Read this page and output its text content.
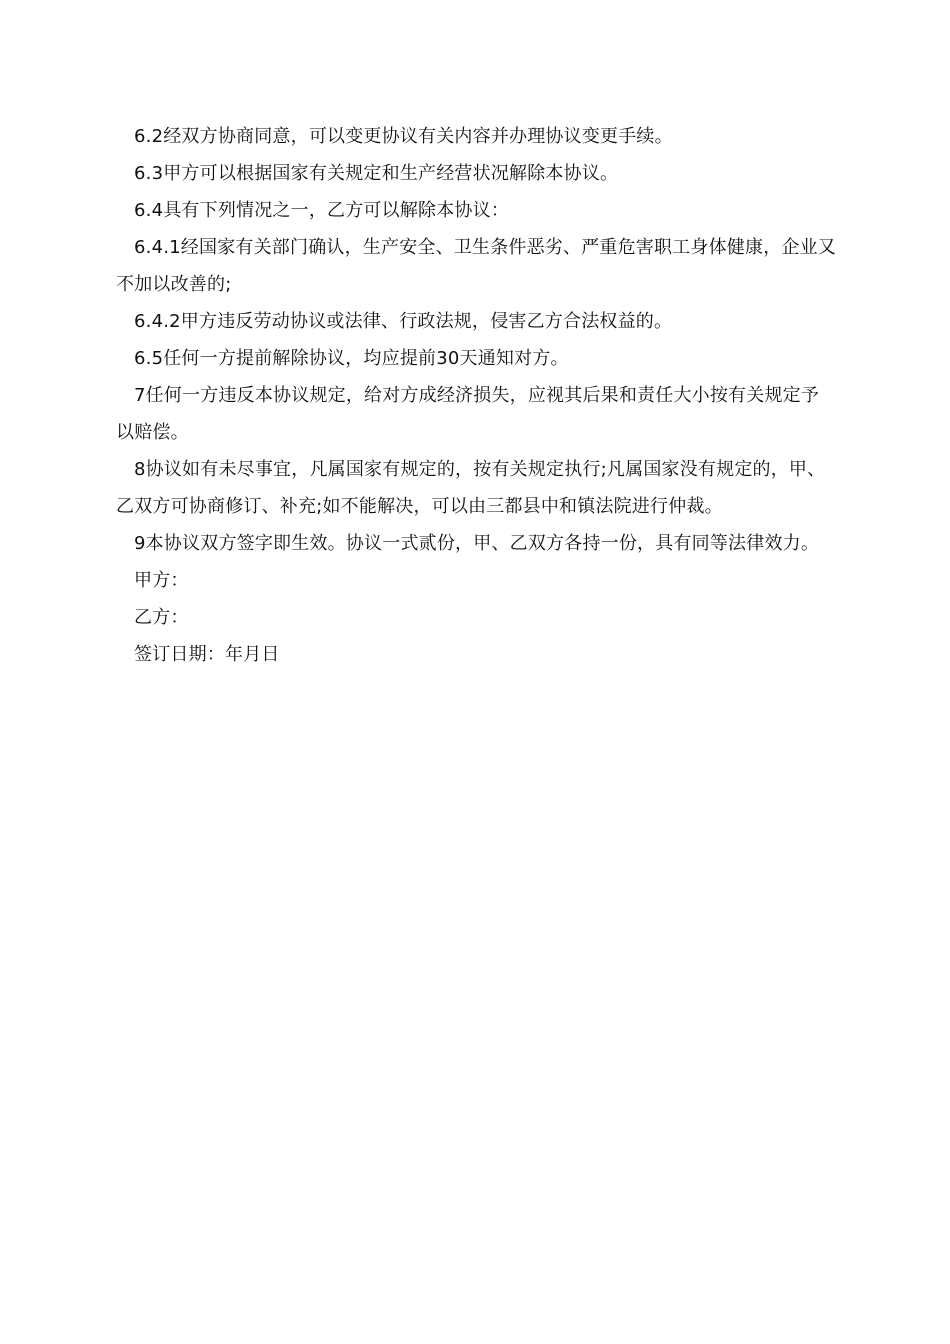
6.2经双方协商同意，可以变更协议有关内容并办理协议变更手续。

6.3甲方可以根据国家有关规定和生产经营状况解除本协议。

6.4具有下列情况之一，乙方可以解除本协议：

6.4.1经国家有关部门确认，生产安全、卫生条件恶劣、严重危害职工身体健康，企业又不加以改善的;

6.4.2甲方违反劳动协议或法律、行政法规，侵害乙方合法权益的。

6.5任何一方提前解除协议，均应提前30天通知对方。

7任何一方违反本协议规定，给对方成经济损失，应视其后果和责任大小按有关规定予以赔偿。

8协议如有未尽事宜，凡属国家有规定的，按有关规定执行;凡属国家没有规定的，甲、乙双方可协商修订、补充;如不能解决，可以由三都县中和镇法院进行仲裁。

9本协议双方签字即生效。协议一式贰份，甲、乙双方各持一份，具有同等法律效力。

甲方：

乙方：

签订日期：年月日
